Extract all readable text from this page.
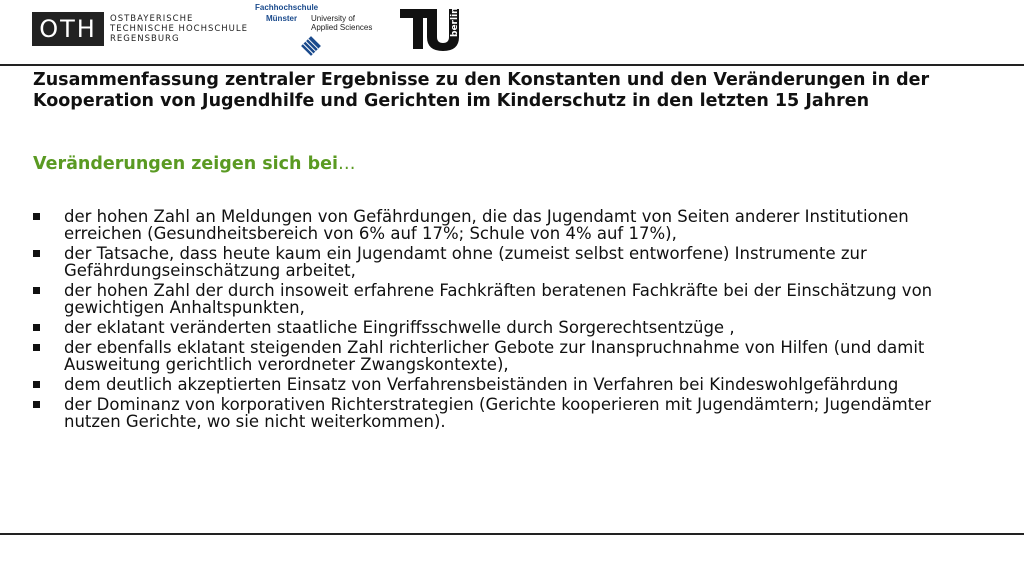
OTH OSTBAYERISCHE
TECHNISCHE HOCHSCHULE
REGENSBURG
Fachhochschule
Münster University of
Applied Sciences	berlin
Zusammenfassung zentraler Ergebnisse zu den Konstanten und den Veränderungen in der Kooperation von Jugendhilfe und Gerichten im Kinderschutz in den letzten 15 Jahren
Veränderungen zeigen sich bei…
der hohen Zahl an Meldungen von Gefährdungen, die das Jugendamt von Seiten anderer Institutionen erreichen (Gesundheitsbereich von 6% auf 17%; Schule von 4% auf 17%),
der Tatsache, dass heute kaum ein Jugendamt ohne (zumeist selbst entworfene) Instrumente zur Gefährdungseinschätzung arbeitet,
der hohen Zahl der durch insoweit erfahrene Fachkräften beratenen Fachkräfte bei der Einschätzung von gewichtigen Anhaltspunkten,
der eklatant veränderten staatliche Eingriffsschwelle durch Sorgerechtsentzüge ,
der ebenfalls eklatant steigenden Zahl richterlicher Gebote zur Inanspruchnahme von Hilfen (und damit Ausweitung gerichtlich verordneter Zwangskontexte),
dem deutlich akzeptierten Einsatz von Verfahrensbeiständen in Verfahren bei Kindeswohlgefährdung
der Dominanz von korporativen Richterstrategien (Gerichte kooperieren mit Jugendämtern; Jugendämter nutzen Gerichte, wo sie nicht weiterkommen).
